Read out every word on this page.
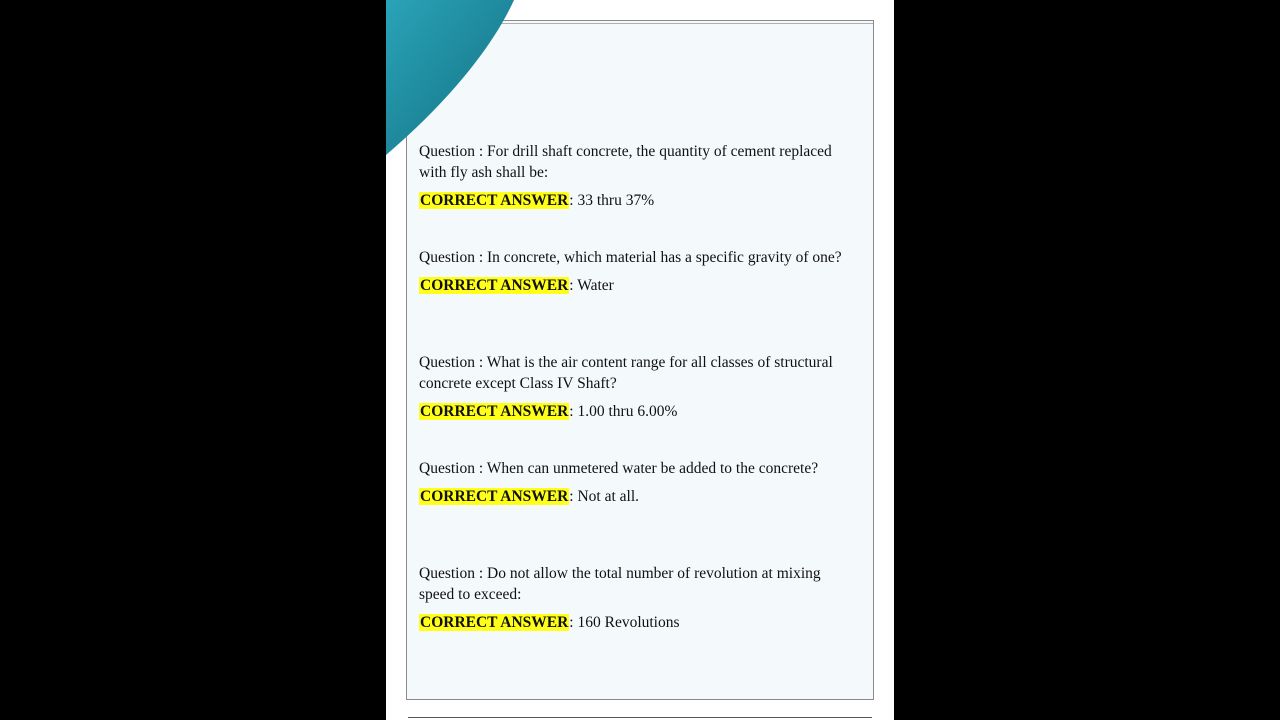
Question : For drill shaft concrete, the quantity of cement replaced with fly ash shall be:

CORRECT ANSWER: 33 thru 37%

Question : In concrete, which material has a specific gravity of one?

CORRECT ANSWER: Water

Question : What is the air content range for all classes of structural concrete except Class IV Shaft?

CORRECT ANSWER: 1.00 thru 6.00%

Question : When can unmetered water be added to the concrete?

CORRECT ANSWER: Not at all.

Question : Do not allow the total number of revolution at mixing speed to exceed:

CORRECT ANSWER: 160 Revolutions
